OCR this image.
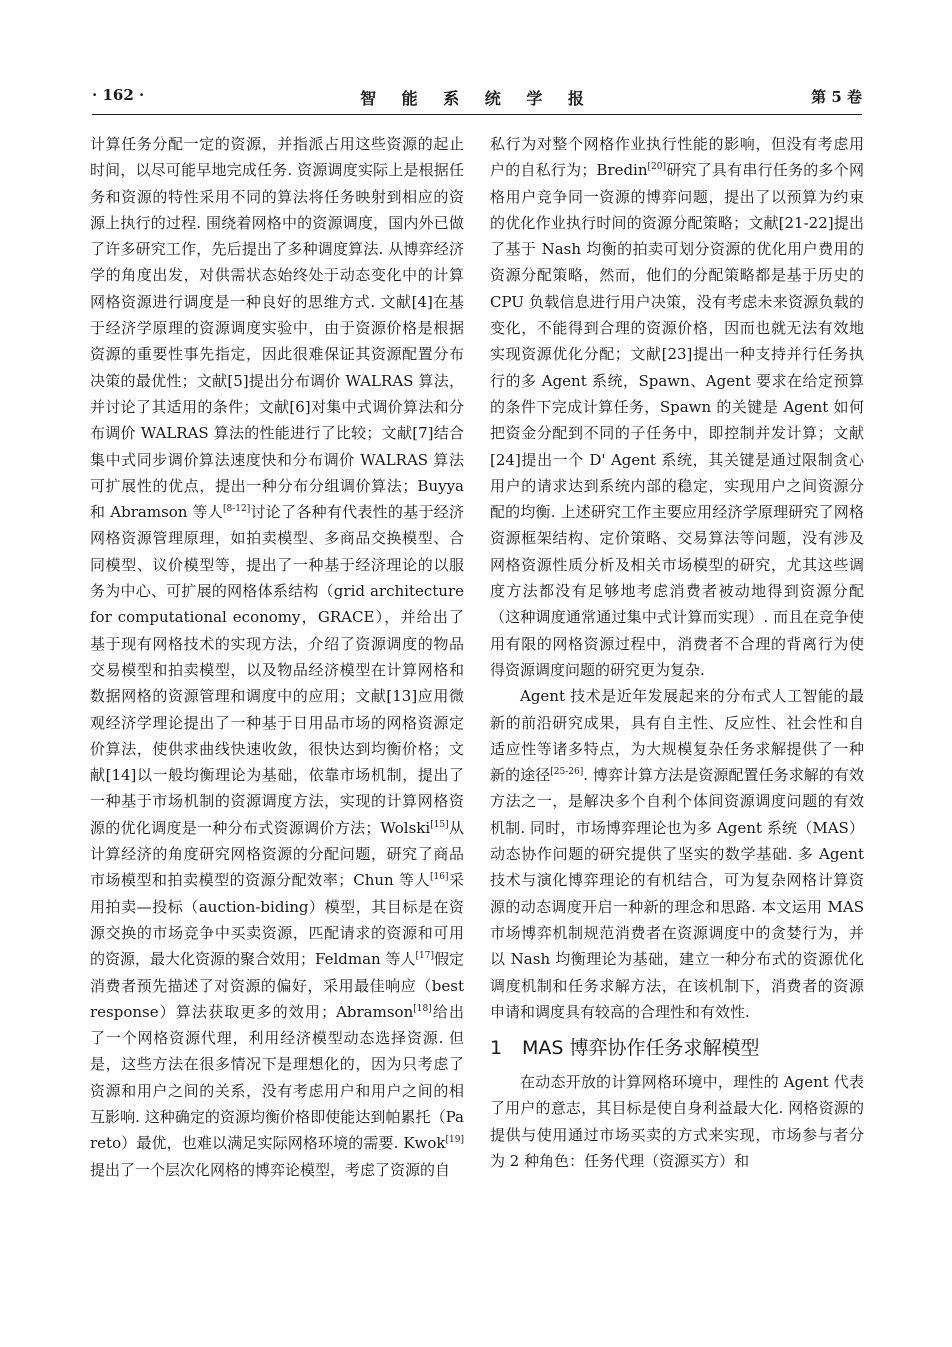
· 162 ·	智 能 系 统 学 报	第 5 卷

计算任务分配一定的资源，并指派占用这些资源的起止时间，以尽可能早地完成任务. 资源调度实际上是根据任务和资源的特性采用不同的算法将任务映射到相应的资源上执行的过程. 围绕着网格中的资源调度，国内外已做了许多研究工作，先后提出了多种调度算法. 从博弈经济学的角度出发，对供需状态始终处于动态变化中的计算网格资源进行调度是一种良好的思维方式. 文献[4]在基于经济学原理的资源调度实验中，由于资源价格是根据资源的重要性事先指定，因此很难保证其资源配置分布决策的最优性；文献[5]提出分布调价 WALRAS 算法，并讨论了其适用的条件；文献[6]对集中式调价算法和分布调价 WALRAS 算法的性能进行了比较；文献[7]结合集中式同步调价算法速度快和分布调价 WALRAS 算法可扩展性的优点，提出一种分布分组调价算法；Buyya 和 Abramson 等人[8-12]讨论了各种有代表性的基于经济网格资源管理原理，如拍卖模型、多商品交换模型、合同模型、议价模型等，提出了一种基于经济理论的以服务为中心、可扩展的网格体系结构（grid architecture for computational economy，GRACE），并给出了基于现有网格技术的实现方法，介绍了资源调度的物品交易模型和拍卖模型，以及物品经济模型在计算网格和数据网格的资源管理和调度中的应用；文献[13]应用微观经济学理论提出了一种基于日用品市场的网格资源定价算法，使供求曲线快速收敛，很快达到均衡价格；文献[14]以一般均衡理论为基础，依靠市场机制，提出了一种基于市场机制的资源调度方法，实现的计算网格资源的优化调度是一种分布式资源调价方法；Wolski[15]从计算经济的角度研究网格资源的分配问题，研究了商品市场模型和拍卖模型的资源分配效率；Chun 等人[16]采用拍卖—投标（auction-biding）模型，其目标是在资源交换的市场竞争中买卖资源，匹配请求的资源和可用的资源，最大化资源的聚合效用；Feldman 等人[17]假定消费者预先描述了对资源的偏好，采用最佳响应（best response）算法获取更多的效用；Abramson[18]给出了一个网格资源代理，利用经济模型动态选择资源. 但是，这些方法在很多情况下是理想化的，因为只考虑了资源和用户之间的关系，没有考虑用户和用户之间的相互影响. 这种确定的资源均衡价格即使能达到帕累托（Pareto）最优，也难以满足实际网格环境的需要. Kwok[19]提出了一个层次化网格的博弈论模型，考虑了资源的自

私行为对整个网格作业执行性能的影响，但没有考虑用户的自私行为；Bredin[20]研究了具有串行任务的多个网格用户竞争同一资源的博弈问题，提出了以预算为约束的优化作业执行时间的资源分配策略；文献[21-22]提出了基于 Nash 均衡的拍卖可划分资源的优化用户费用的资源分配策略，然而，他们的分配策略都是基于历史的 CPU 负载信息进行用户决策，没有考虑未来资源负载的变化，不能得到合理的资源价格，因而也就无法有效地实现资源优化分配；文献[23]提出一种支持并行任务执行的多 Agent 系统，Spawn、Agent 要求在给定预算的条件下完成计算任务，Spawn 的关键是 Agent 如何把资金分配到不同的子任务中，即控制并发计算；文献[24]提出一个 D' Agent 系统，其关键是通过限制贪心用户的请求达到系统内部的稳定，实现用户之间资源分配的均衡. 上述研究工作主要应用经济学原理研究了网格资源框架结构、定价策略、交易算法等问题，没有涉及网格资源性质分析及相关市场模型的研究，尤其这些调度方法都没有足够地考虑消费者被动地得到资源分配（这种调度通常通过集中式计算而实现）. 而且在竞争使用有限的网格资源过程中，消费者不合理的背离行为使得资源调度问题的研究更为复杂.

Agent 技术是近年发展起来的分布式人工智能的最新的前沿研究成果，具有自主性、反应性、社会性和自适应性等诸多特点，为大规模复杂任务求解提供了一种新的途径[25-26]. 博弈计算方法是资源配置任务求解的有效方法之一，是解决多个自利个体间资源调度问题的有效机制. 同时，市场博弈理论也为多 Agent 系统（MAS）动态协作问题的研究提供了坚实的数学基础. 多 Agent 技术与演化博弈理论的有机结合，可为复杂网格计算资源的动态调度开启一种新的理念和思路. 本文运用 MAS 市场博弈机制规范消费者在资源调度中的贪婪行为，并以 Nash 均衡理论为基础，建立一种分布式的资源优化调度机制和任务求解方法，在该机制下，消费者的资源申请和调度具有较高的合理性和有效性.

1 MAS 博弈协作任务求解模型

在动态开放的计算网格环境中，理性的 Agent 代表了用户的意志，其目标是使自身利益最大化. 网格资源的提供与使用通过市场买卖的方式来实现，市场参与者分为 2 种角色：任务代理（资源买方）和
